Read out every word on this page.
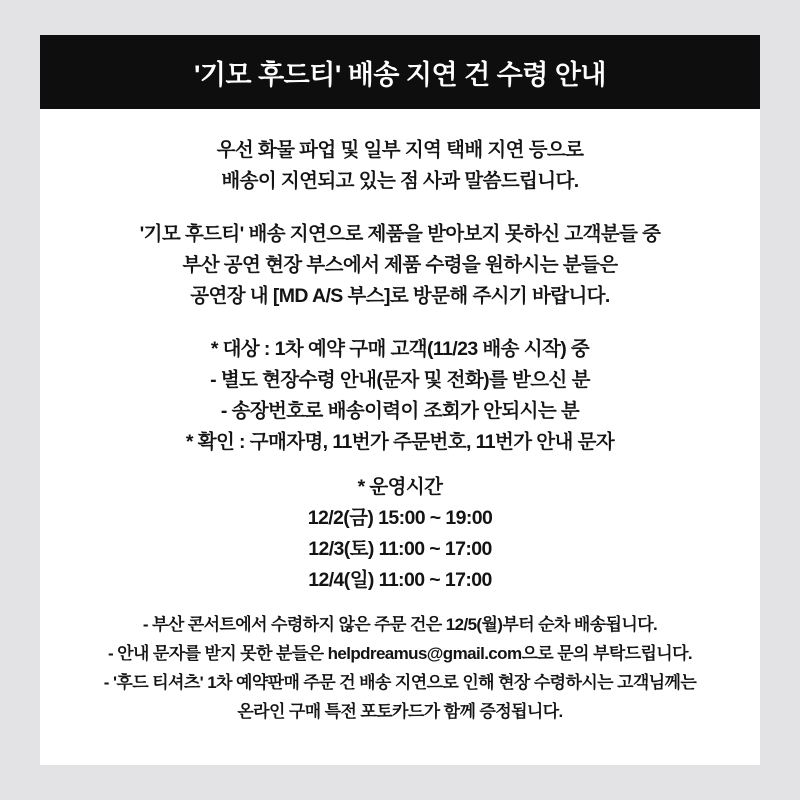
'기모 후드티' 배송 지연 건 수령 안내
우선 화물 파업 및 일부 지역 택배 지연 등으로
배송이 지연되고 있는 점 사과 말씀드립니다.
'기모 후드티' 배송 지연으로 제품을 받아보지 못하신 고객분들 중
부산 공연 현장 부스에서 제품 수령을 원하시는 분들은
공연장 내 [MD A/S 부스]로 방문해 주시기 바랍니다.
* 대상 : 1차 예약 구매 고객(11/23 배송 시작) 중
- 별도 현장수령 안내(문자 및 전화)를 받으신 분
- 송장번호로 배송이력이 조회가 안되시는 분
* 확인 : 구매자명, 11번가 주문번호, 11번가 안내 문자
* 운영시간
12/2(금) 15:00 ~ 19:00
12/3(토) 11:00 ~ 17:00
12/4(일) 11:00 ~ 17:00
- 부산 콘서트에서 수령하지 않은 주문 건은 12/5(월)부터 순차 배송됩니다.
- 안내 문자를 받지 못한 분들은 helpdreamus@gmail.com으로 문의 부탁드립니다.
- '후드 티셔츠' 1차 예약판매 주문 건 배송 지연으로 인해 현장 수령하시는 고객님께는
온라인 구매 특전 포토카드가 함께 증정됩니다.
